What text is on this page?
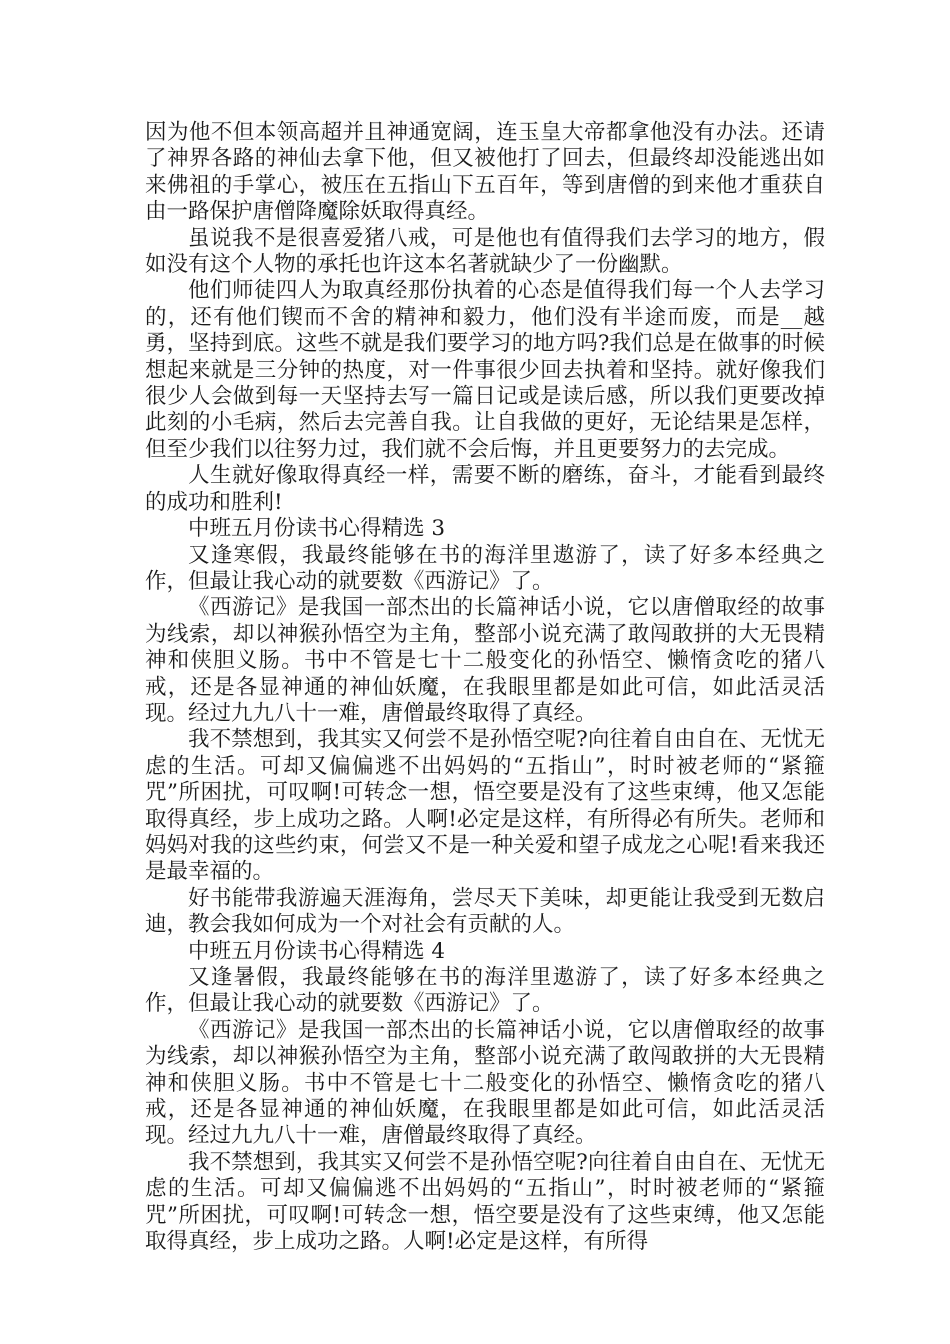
因为他不但本领高超并且神通宽阔，连玉皇大帝都拿他没有办法。还请了神界各路的神仙去拿下他，但又被他打了回去，但最终却没能逃出如来佛祖的手掌心，被压在五指山下五百年，等到唐僧的到来他才重获自由一路保护唐僧降魔除妖取得真经。

虽说我不是很喜爱猪八戒，可是他也有值得我们去学习的地方，假如没有这个人物的承托也许这本名著就缺少了一份幽默。

他们师徒四人为取真经那份执着的心态是值得我们每一个人去学习的，还有他们锲而不舍的精神和毅力，他们没有半途而废，而是__越勇，坚持到底。这些不就是我们要学习的地方吗?我们总是在做事的时候想起来就是三分钟的热度，对一件事很少回去执着和坚持。就好像我们很少人会做到每一天坚持去写一篇日记或是读后感，所以我们更要改掉此刻的小毛病，然后去完善自我。让自我做的更好，无论结果是怎样，但至少我们以往努力过，我们就不会后悔，并且更要努力的去完成。

人生就好像取得真经一样，需要不断的磨练，奋斗，才能看到最终的成功和胜利!

中班五月份读书心得精选 3

又逢寒假，我最终能够在书的海洋里遨游了，读了好多本经典之作，但最让我心动的就要数《西游记》了。

《西游记》是我国一部杰出的长篇神话小说，它以唐僧取经的故事为线索，却以神猴孙悟空为主角，整部小说充满了敢闯敢拼的大无畏精神和侠胆义肠。书中不管是七十二般变化的孙悟空、懒惰贪吃的猪八戒，还是各显神通的神仙妖魔，在我眼里都是如此可信，如此活灵活现。经过九九八十一难，唐僧最终取得了真经。

我不禁想到，我其实又何尝不是孙悟空呢?向往着自由自在、无忧无虑的生活。可却又偏偏逃不出妈妈的“五指山”，时时被老师的“紧箍咒”所困扰，可叹啊!可转念一想，悟空要是没有了这些束缚，他又怎能取得真经，步上成功之路。人啊!必定是这样，有所得必有所失。老师和妈妈对我的这些约束，何尝又不是一种关爱和望子成龙之心呢!看来我还是最幸福的。

好书能带我游遍天涯海角，尝尽天下美味，却更能让我受到无数启迪，教会我如何成为一个对社会有贡献的人。

中班五月份读书心得精选 4

又逢暑假，我最终能够在书的海洋里遨游了，读了好多本经典之作，但最让我心动的就要数《西游记》了。

《西游记》是我国一部杰出的长篇神话小说，它以唐僧取经的故事为线索，却以神猴孙悟空为主角，整部小说充满了敢闯敢拼的大无畏精神和侠胆义肠。书中不管是七十二般变化的孙悟空、懒惰贪吃的猪八戒，还是各显神通的神仙妖魔，在我眼里都是如此可信，如此活灵活现。经过九九八十一难，唐僧最终取得了真经。

我不禁想到，我其实又何尝不是孙悟空呢?向往着自由自在、无忧无虑的生活。可却又偏偏逃不出妈妈的“五指山”，时时被老师的“紧箍咒”所困扰，可叹啊!可转念一想，悟空要是没有了这些束缚，他又怎能取得真经，步上成功之路。人啊!必定是这样，有所得
